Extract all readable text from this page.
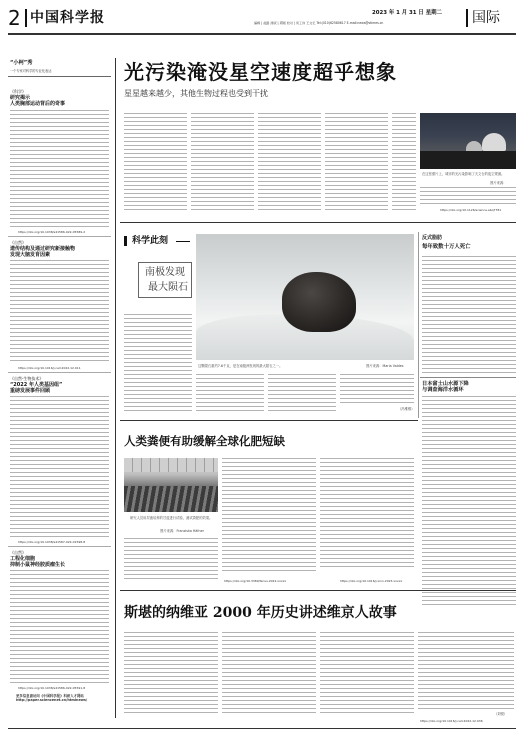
2 中国科学报	2023 年 1 月 31 日 星期二
编辑 | 赵路 排版 | 郭刚 校对 | 何工伟 王文忆 Tel:(010)62580617 E-mail:news@stimes.cn	国际
“小柯”秀
一个专家对科学的专业化表达
《科学》
研究揭示
人类胸部运动背后的奇事
https://doi.org/10.1038/s41586-022-05589-2
《自然》
遗传结构及通过研究新接触物
发现大脑发育因素
https://doi.org/10.1016/j.cell.2022.12.011
《自然·生物技术》
“2022 年人类基因组”
重磅发展事件回顾
https://doi.org/10.1038/s41587-022-01598-8
《自然》
工程化细胞
抑制小鼠神经胶质瘤生长
https://doi.org/10.1038/s41586-022-05591-8
更多信息请访问《中国科学报》科研人才网站
http://paper.sciencenet.cn/htmlnews/
光污染淹没星空速度超乎想象
星星越来越少，其他生物过程也受到干扰
在这张照片上，城市的光污染影响了天文台的夜空观测。
图片来源：
https://doi.org/10.1126/science.abq7781
科学此刻
南极发现
最大陨石
这颗陨石重约7.6千克，是在南极洲发现的最大陨石之一。	图片来源：Maria Valdes
（冯维维）
反式脂肪
每年致数十万人死亡
日本富士山水源下降
与调查海洋水循环
人类粪便有助缓解全球化肥短缺
研究人员用尿液培养的甘蓝进行试验，测试粪肥的效果。
图片来源：Franziska Häfner
https://doi.org/10.3389/fenvs.2022.xxxxx	https://doi.org/10.1016/j.xinn.2023.xxxxx
斯堪的纳维亚 2000 年历史讲述维京人故事
（刘悦）
https://doi.org/10.1016/j.cell.2022.12.036
